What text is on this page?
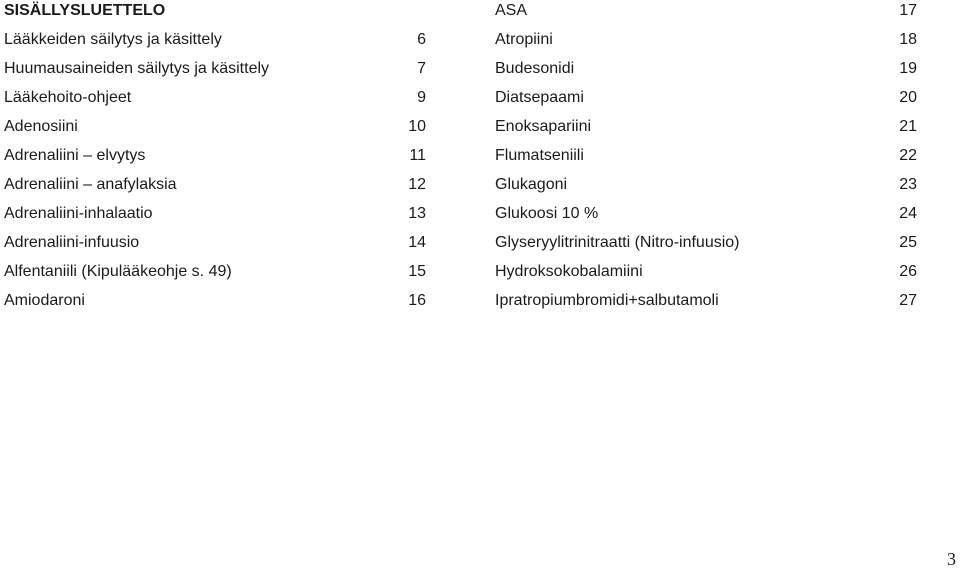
SISÄLLYSLUETTELO
Lääkkeiden säilytys ja käsittely	6
Huumausaineiden säilytys ja käsittely	7
Lääkehoito-ohjeet	9
Adenosiini	10
Adrenaliini – elvytys	11
Adrenaliini – anafylaksia	12
Adrenaliini-inhalaatio	13
Adrenaliini-infuusio	14
Alfentaniili (Kipulääkeohje s. 49)	15
Amiodaroni	16
ASA	17
Atropiini	18
Budesonidi	19
Diatsepaami	20
Enoksapariini	21
Flumatseniili	22
Glukagoni	23
Glukoosi 10 %	24
Glyseryylitrinitraatti (Nitro-infuusio)	25
Hydroksokobalamiini	26
Ipratropiumbromidi+salbutamoli	27
3
